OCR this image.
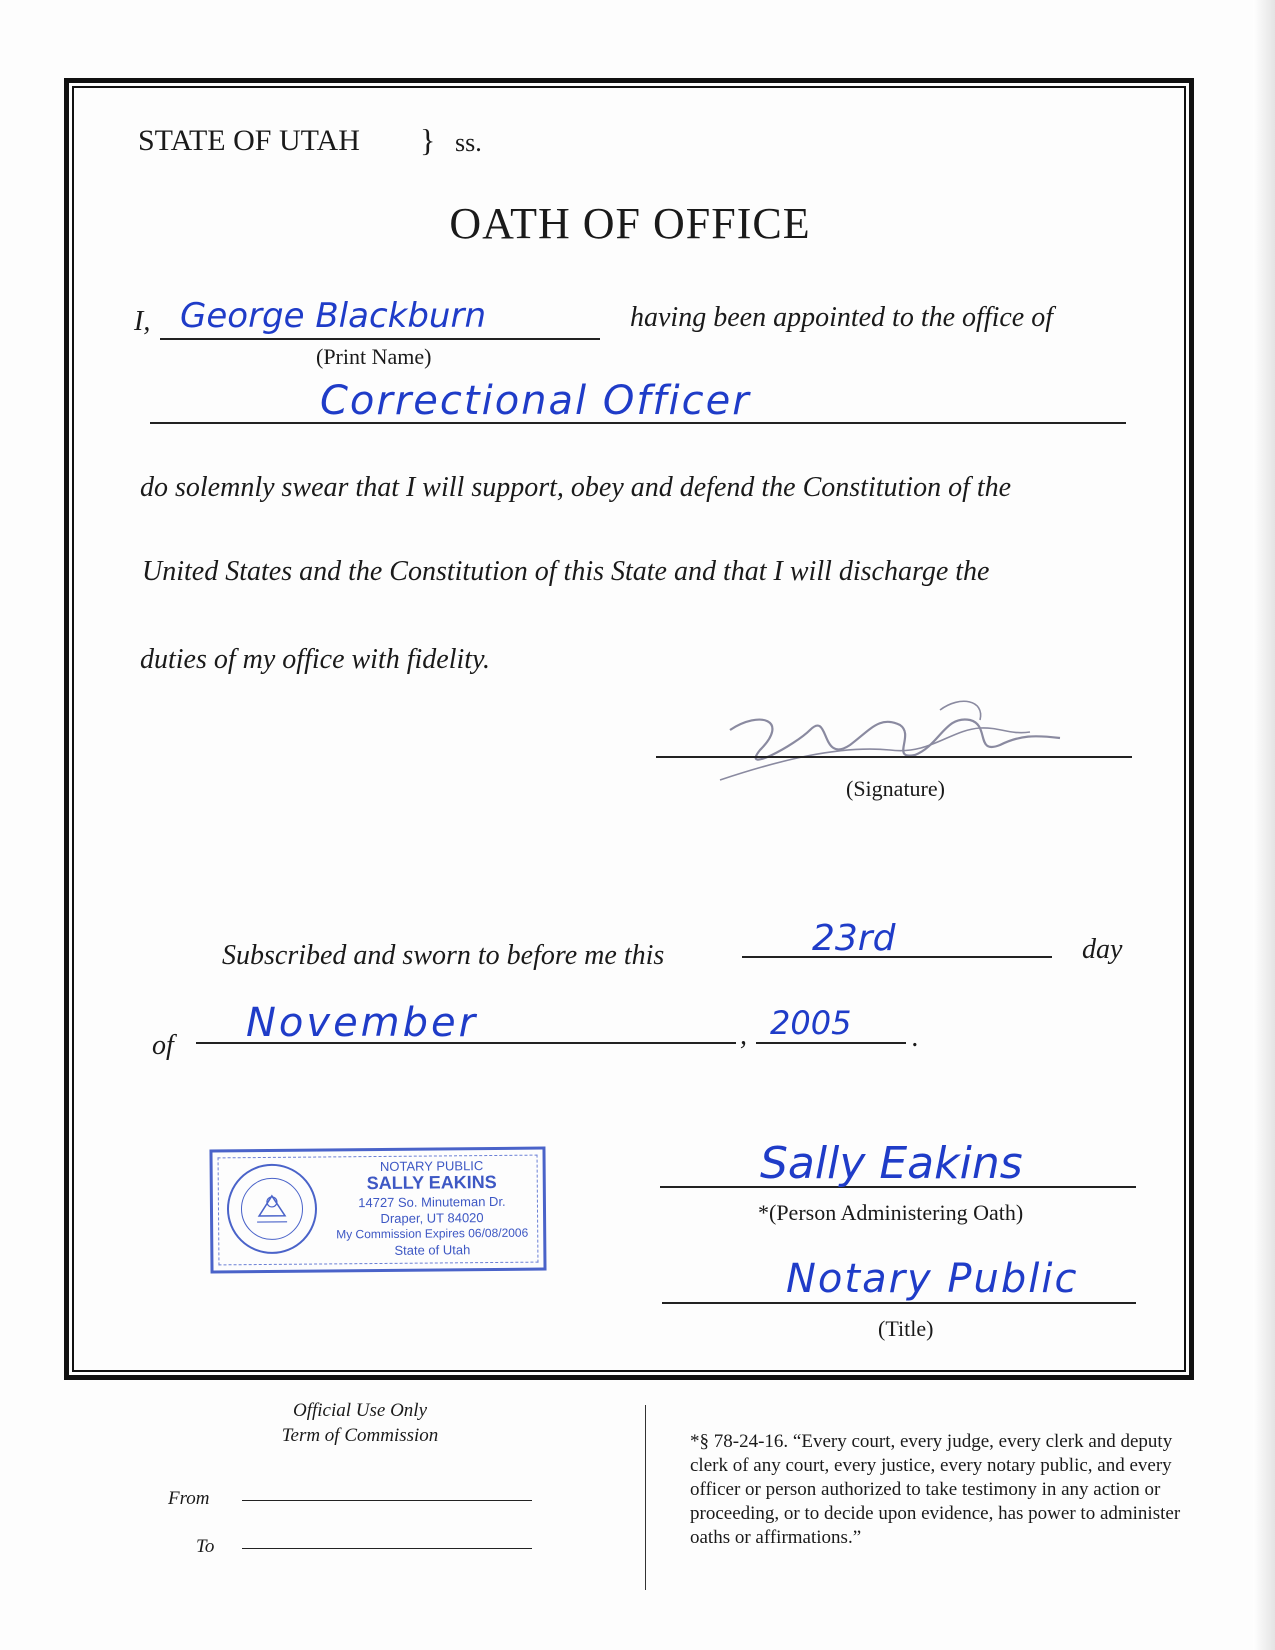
STATE OF UTAH } ss.
OATH OF OFFICE
I, George Blackburn
(Print Name)
having been appointed to the office of
Correctional Officer
do solemnly swear that I will support, obey and defend the Constitution of the
United States and the Constitution of this State and that I will discharge the
duties of my office with fidelity.
(Signature)
Subscribed and sworn to before me this	23rd	day
of November	, 2005 .
NOTARY PUBLIC
SALLY EAKINS
14727 So. Minuteman Dr.
Draper, UT 84020
My Commission Expires 06/08/2006
State of Utah
Sally Eakins
*(Person Administering Oath)
Notary Public
(Title)
Official Use Only
Term of Commission
From
To
*§ 78-24-16. “Every court, every judge, every clerk and deputy clerk of any court, every justice, every notary public, and every officer or person authorized to take testimony in any action or proceeding, or to decide upon evidence, has power to administer oaths or affirmations.”
